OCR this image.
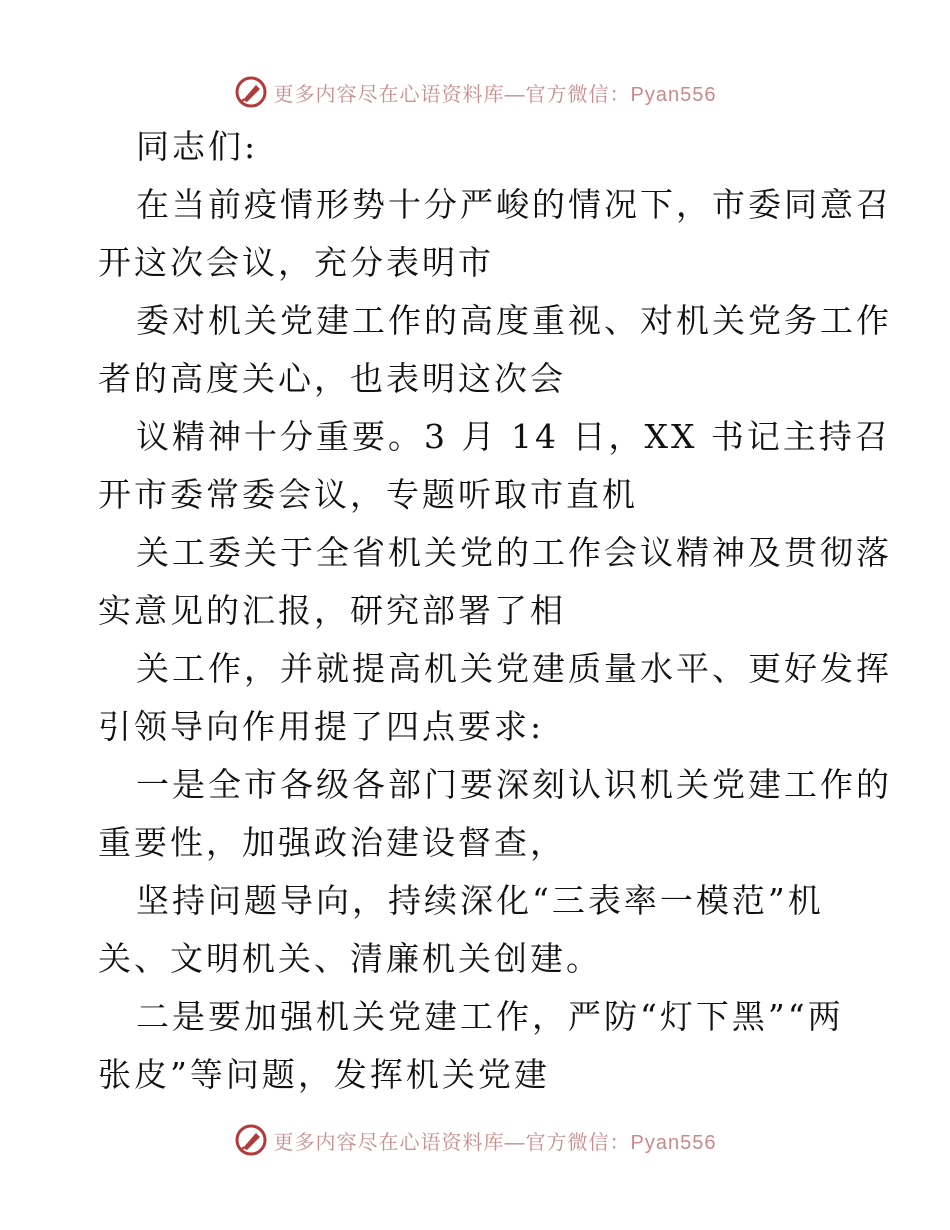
更多内容尽在心语资料库—官方微信：Pyan556
同志们:
在当前疫情形势十分严峻的情况下，市委同意召
开这次会议，充分表明市
委对机关党建工作的高度重视、对机关党务工作
者的高度关心，也表明这次会
议精神十分重要。3 月 14 日，XX 书记主持召
开市委常委会议，专题听取市直机
关工委关于全省机关党的工作会议精神及贯彻落
实意见的汇报，研究部署了相
关工作，并就提高机关党建质量水平、更好发挥
引领导向作用提了四点要求:
一是全市各级各部门要深刻认识机关党建工作的
重要性，加强政治建设督查，
坚持问题导向，持续深化“三表率一模范”机
关、文明机关、清廉机关创建。
二是要加强机关党建工作，严防“灯下黑”“两
张皮”等问题，发挥机关党建
更多内容尽在心语资料库—官方微信：Pyan556
